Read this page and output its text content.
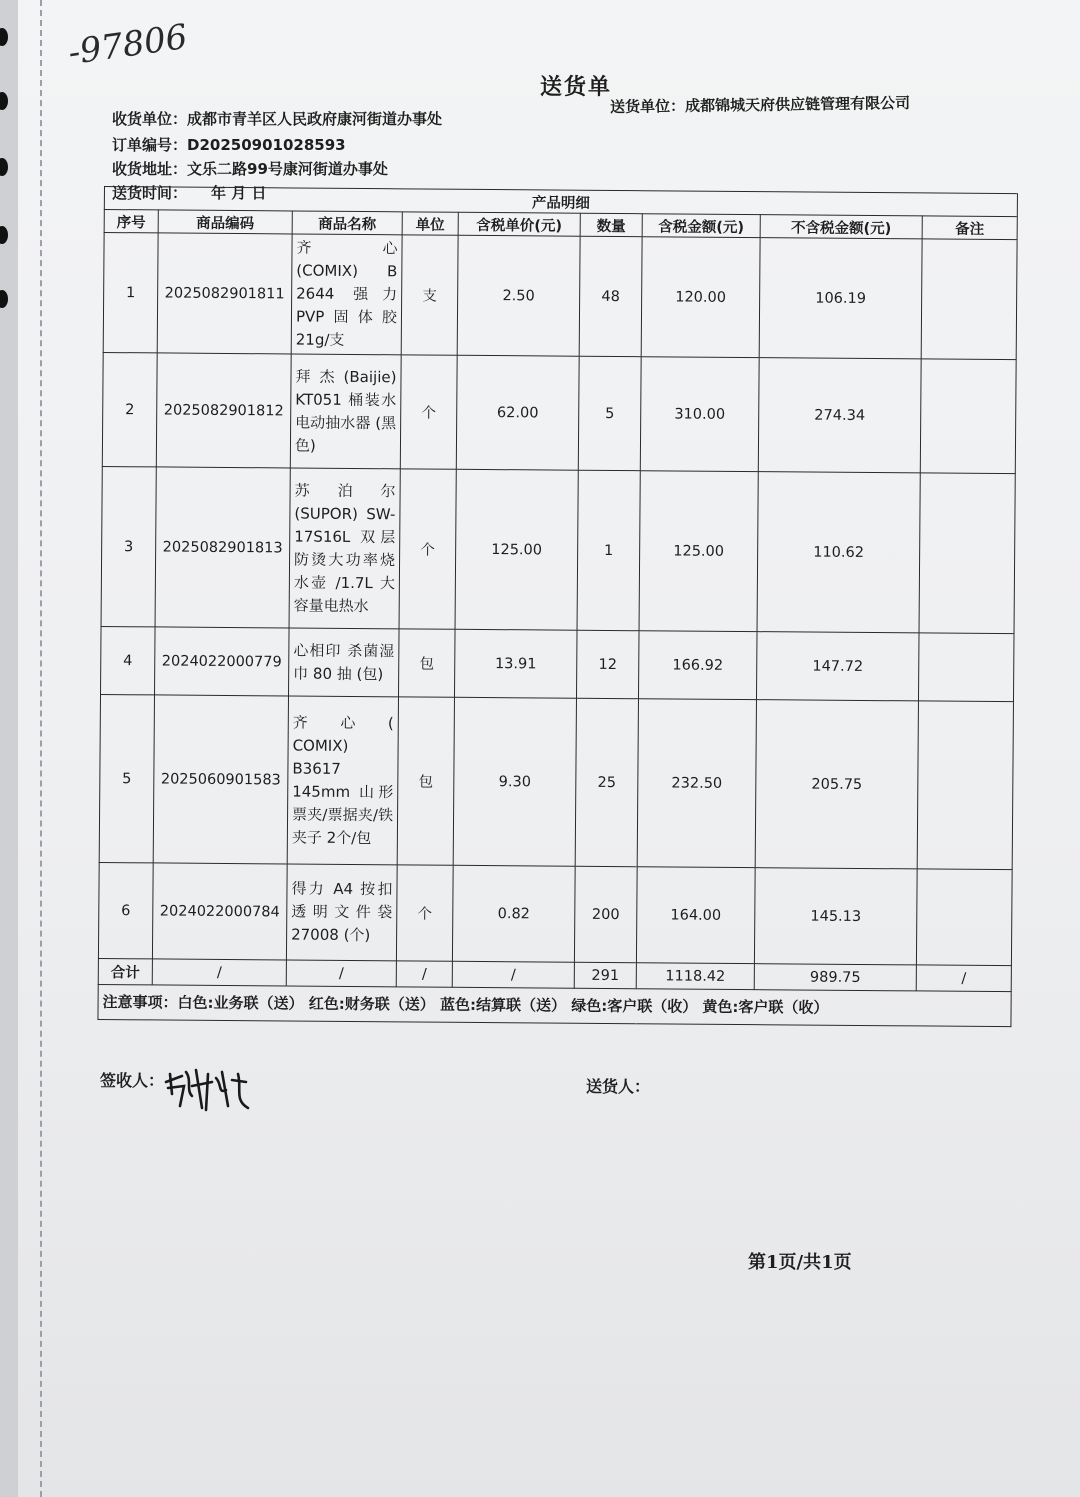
-97806
送货单
收货单位：成都市青羊区人民政府康河街道办事处
送货单位：成都锦城天府供应链管理有限公司
订单编号：D20250901028593
收货地址：文乐二路99号康河街道办事处
送货时间： 年 月 日
产品明细								
序号	商品编码	商品名称	单位	含税单价(元)	数量	含税金额(元)	不含税金额(元)	备注
1	2025082901811	齐 心 (COMIX) B 2644 强力 PVP固体胶 21g/支	支	2.50	48	120.00	106.19	
2	2025082901812	拜 杰 (Baijie) KT051 桶装水电动抽水器 (黑色)	个	62.00	5	310.00	274.34	
3	2025082901813	苏 泊 尔 (SUPOR) SW-17S16L 双层防烫大功率烧水壶 /1.7L 大容量电热水	个	125.00	1	125.00	110.62	
4	2024022000779	心相印 杀菌湿巾 80 抽 (包)	包	13.91	12	166.92	147.72	
5	2025060901583	齐 心 ( COMIX) B3617 145mm 山形票夹/票据夹/铁夹子 2个/包	包	9.30	25	232.50	205.75	
6	2024022000784	得力 A4 按扣透明文件袋 27008 (个)	个	0.82	200	164.00	145.13	
合计	/	/	/	/	291	1118.42	989.75	/
注意事项：白色:业务联（送） 红色:财务联（送） 蓝色:结算联（送） 绿色:客户联（收） 黄色:客户联（收）								
签收人：	送货人：
第1页/共1页
